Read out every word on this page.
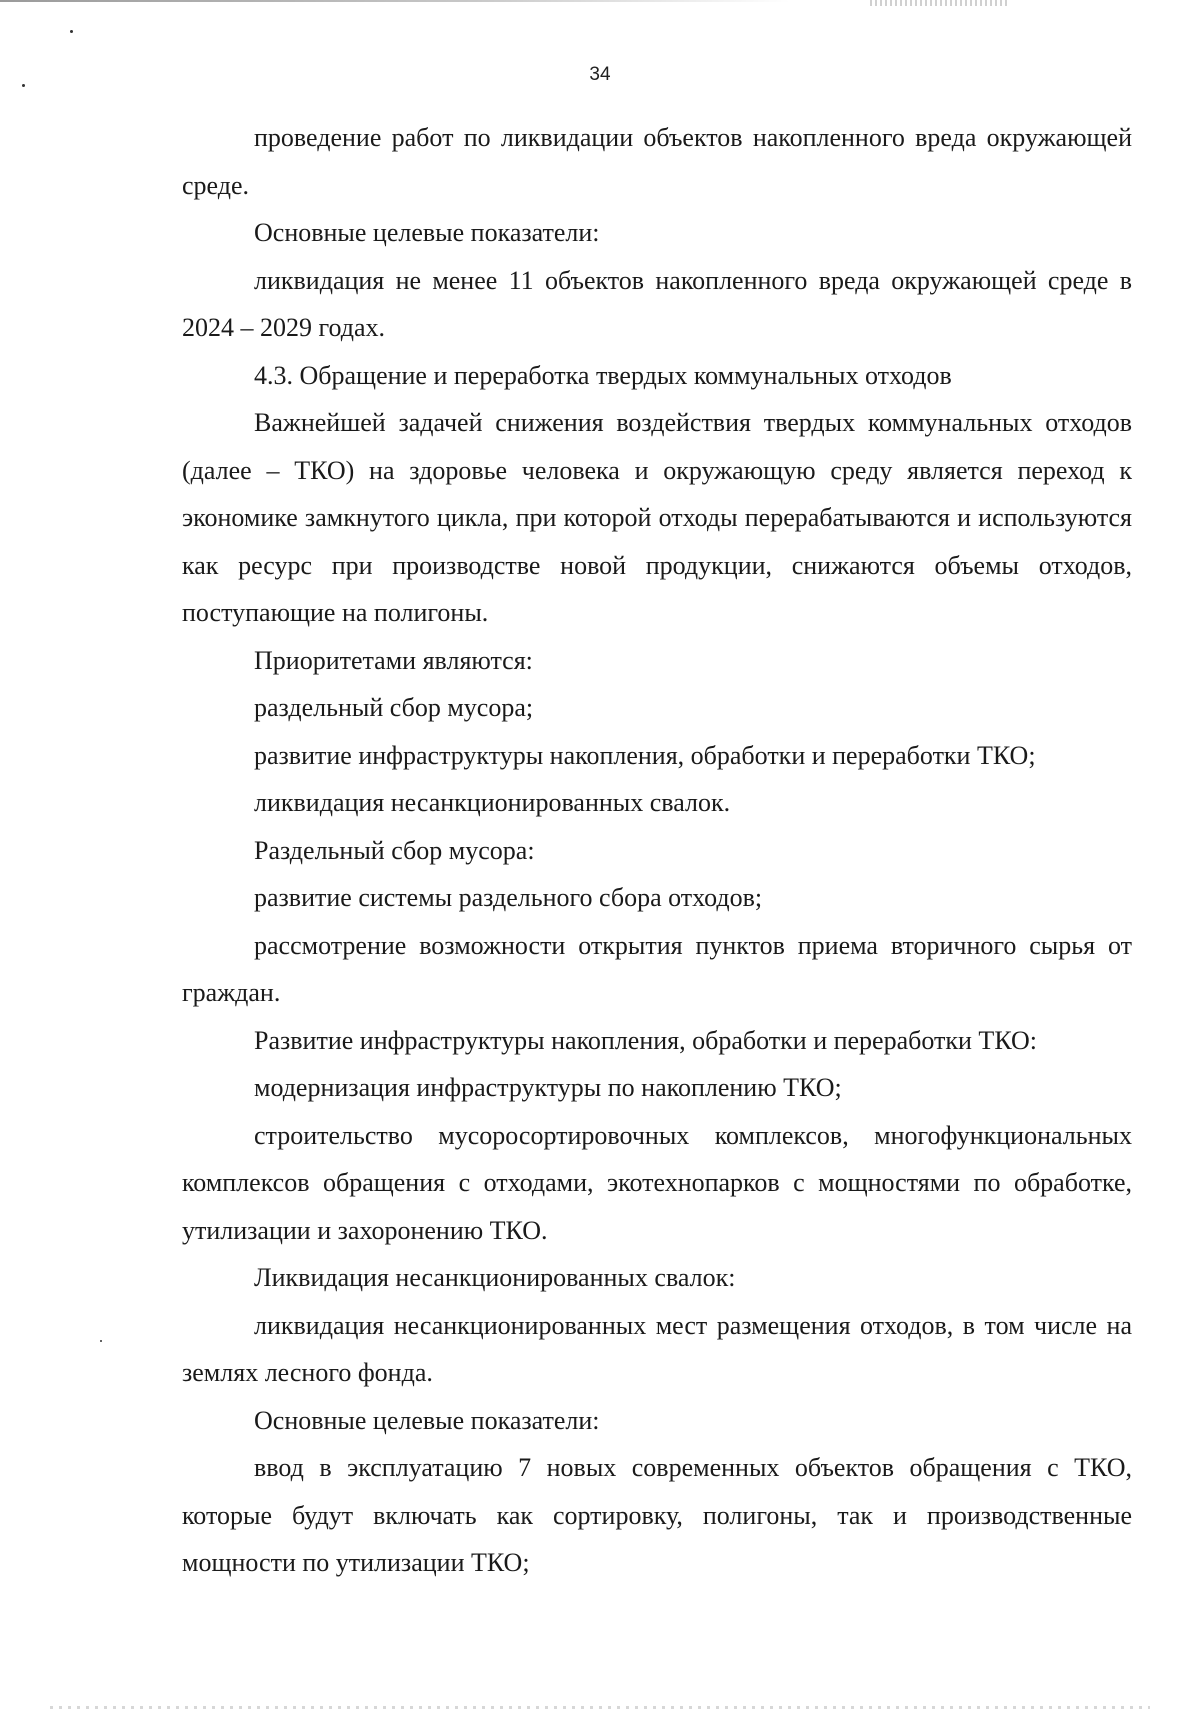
34

проведение работ по ликвидации объектов накопленного вреда окружающей среде.

Основные целевые показатели:

ликвидация не менее 11 объектов накопленного вреда окружающей среде в 2024 – 2029 годах.

4.3. Обращение и переработка твердых коммунальных отходов

Важнейшей задачей снижения воздействия твердых коммунальных отходов (далее – ТКО) на здоровье человека и окружающую среду является переход к экономике замкнутого цикла, при которой отходы перерабатываются и используются как ресурс при производстве новой продукции, снижаются объемы отходов, поступающие на полигоны.

Приоритетами являются:

раздельный сбор мусора;

развитие инфраструктуры накопления, обработки и переработки ТКО;

ликвидация несанкционированных свалок.

Раздельный сбор мусора:

развитие системы раздельного сбора отходов;

рассмотрение возможности открытия пунктов приема вторичного сырья от граждан.

Развитие инфраструктуры накопления, обработки и переработки ТКО:

модернизация инфраструктуры по накоплению ТКО;

строительство мусоросортировочных комплексов, многофункциональных комплексов обращения с отходами, экотехнопарков с мощностями по обработке, утилизации и захоронению ТКО.

Ликвидация несанкционированных свалок:

ликвидация несанкционированных мест размещения отходов, в том числе на землях лесного фонда.

Основные целевые показатели:

ввод в эксплуатацию 7 новых современных объектов обращения с ТКО, которые будут включать как сортировку, полигоны, так и производственные мощности по утилизации ТКО;
